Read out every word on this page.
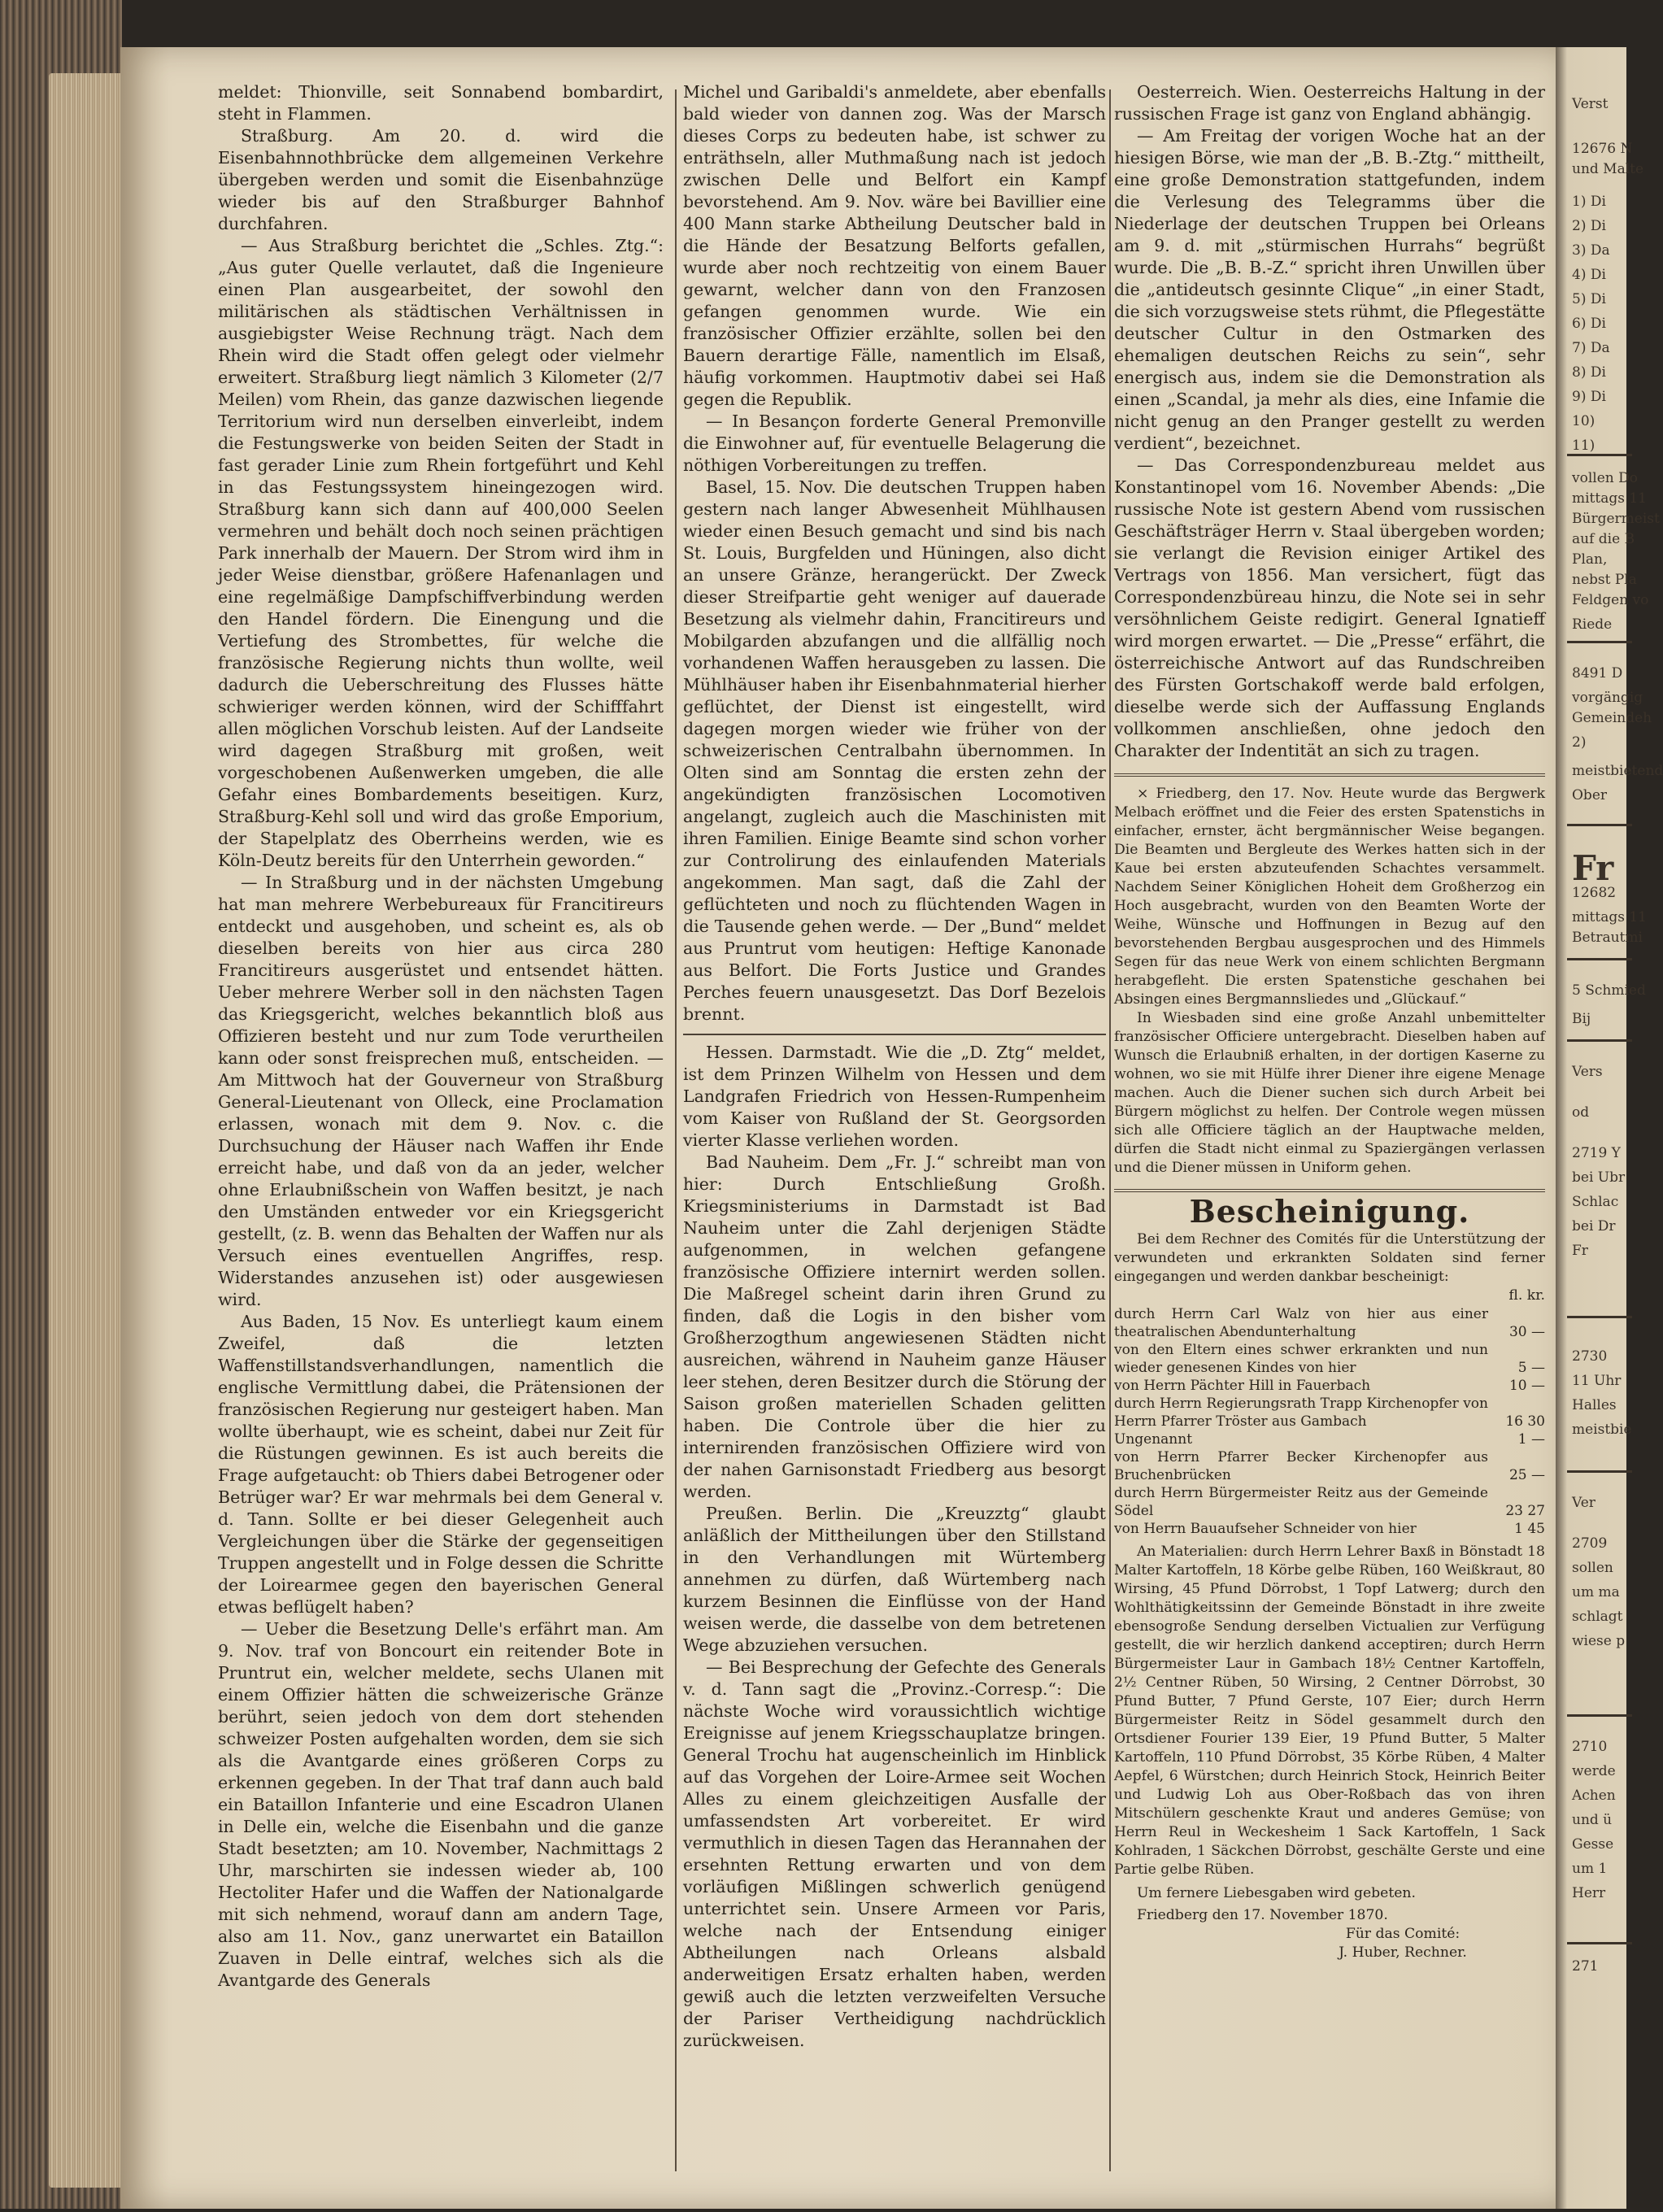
Verst
12676 N
und Malte
1) Di
2) Di
3) Da
4) Di
5) Di
6) Di
7) Da
8) Di
9) Di
10)
11)
vollen Do
mittags 11
Bürgermeist
auf die B
Plan,
nebst Pla
Feldgen vo
Riede
8491 D
vorgängig
Gemeindeh
2)
meistbietend
Ober
Fr
12682
mittags 11
Betrautmi
5 Schmied
Bij
Vers
od
2719 Y
bei Ubr
Schlac
bei Dr
Fr
2730
11 Uhr
Halles
meistbie
Ver
2709
sollen
um ma
schlagt
wiese p
2710
werde
Achen
und ü
Gesse
um 1
Herr
271

meldet: Thionville, seit Sonnabend bombardirt, steht in Flammen.

Straßburg. Am 20. d. wird die Eisenbahnnothbrücke dem allgemeinen Verkehre übergeben werden und somit die Eisenbahnzüge wieder bis auf den Straßburger Bahnhof durchfahren.

— Aus Straßburg berichtet die „Schles. Ztg.“: „Aus guter Quelle verlautet, daß die Ingenieure einen Plan ausgearbeitet, der sowohl den militärischen als städtischen Verhältnissen in ausgiebigster Weise Rechnung trägt. Nach dem Rhein wird die Stadt offen gelegt oder vielmehr erweitert. Straßburg liegt nämlich 3 Kilometer (2/7 Meilen) vom Rhein, das ganze dazwischen liegende Territorium wird nun derselben einverleibt, indem die Festungswerke von beiden Seiten der Stadt in fast gerader Linie zum Rhein fortgeführt und Kehl in das Festungssystem hineingezogen wird. Straßburg kann sich dann auf 400,000 Seelen vermehren und behält doch noch seinen prächtigen Park innerhalb der Mauern. Der Strom wird ihm in jeder Weise dienstbar, größere Hafenanlagen und eine regelmäßige Dampfschiffverbindung werden den Handel fördern. Die Einengung und die Vertiefung des Strombettes, für welche die französische Regierung nichts thun wollte, weil dadurch die Ueberschreitung des Flusses hätte schwieriger werden können, wird der Schifffahrt allen möglichen Vorschub leisten. Auf der Landseite wird dagegen Straßburg mit großen, weit vorgeschobenen Außenwerken umgeben, die alle Gefahr eines Bombardements beseitigen. Kurz, Straßburg-Kehl soll und wird das große Emporium, der Stapelplatz des Oberrheins werden, wie es Köln-Deutz bereits für den Unterrhein geworden.“

— In Straßburg und in der nächsten Umgebung hat man mehrere Werbebureaux für Francitireurs entdeckt und ausgehoben, und scheint es, als ob dieselben bereits von hier aus circa 280 Francitireurs ausgerüstet und entsendet hätten. Ueber mehrere Werber soll in den nächsten Tagen das Kriegsgericht, welches bekanntlich bloß aus Offizieren besteht und nur zum Tode verurtheilen kann oder sonst freisprechen muß, entscheiden. — Am Mittwoch hat der Gouverneur von Straßburg General-Lieutenant von Olleck, eine Proclamation erlassen, wonach mit dem 9. Nov. c. die Durchsuchung der Häuser nach Waffen ihr Ende erreicht habe, und daß von da an jeder, welcher ohne Erlaubnißschein von Waffen besitzt, je nach den Umständen entweder vor ein Kriegsgericht gestellt, (z. B. wenn das Behalten der Waffen nur als Versuch eines eventuellen Angriffes, resp. Widerstandes anzusehen ist) oder ausgewiesen wird.

Aus Baden, 15 Nov. Es unterliegt kaum einem Zweifel, daß die letzten Waffenstillstandsverhandlungen, namentlich die englische Vermittlung dabei, die Prätensionen der französischen Regierung nur gesteigert haben. Man wollte überhaupt, wie es scheint, dabei nur Zeit für die Rüstungen gewinnen. Es ist auch bereits die Frage aufgetaucht: ob Thiers dabei Betrogener oder Betrüger war? Er war mehrmals bei dem General v. d. Tann. Sollte er bei dieser Gelegenheit auch Vergleichungen über die Stärke der gegenseitigen Truppen angestellt und in Folge dessen die Schritte der Loirearmee gegen den bayerischen General etwas beflügelt haben?

— Ueber die Besetzung Delle's erfährt man. Am 9. Nov. traf von Boncourt ein reitender Bote in Pruntrut ein, welcher meldete, sechs Ulanen mit einem Offizier hätten die schweizerische Gränze berührt, seien jedoch von dem dort stehenden schweizer Posten aufgehalten worden, dem sie sich als die Avantgarde eines größeren Corps zu erkennen gegeben. In der That traf dann auch bald ein Bataillon Infanterie und eine Escadron Ulanen in Delle ein, welche die Eisenbahn und die ganze Stadt besetzten; am 10. November, Nachmittags 2 Uhr, marschirten sie indessen wieder ab, 100 Hectoliter Hafer und die Waffen der Nationalgarde mit sich nehmend, worauf dann am andern Tage, also am 11. Nov., ganz unerwartet ein Bataillon Zuaven in Delle eintraf, welches sich als die Avantgarde des Generals

Michel und Garibaldi's anmeldete, aber ebenfalls bald wieder von dannen zog. Was der Marsch dieses Corps zu bedeuten habe, ist schwer zu enträthseln, aller Muthmaßung nach ist jedoch zwischen Delle und Belfort ein Kampf bevorstehend. Am 9. Nov. wäre bei Bavillier eine 400 Mann starke Abtheilung Deutscher bald in die Hände der Besatzung Belforts gefallen, wurde aber noch rechtzeitig von einem Bauer gewarnt, welcher dann von den Franzosen gefangen genommen wurde. Wie ein französischer Offizier erzählte, sollen bei den Bauern derartige Fälle, namentlich im Elsaß, häufig vorkommen. Hauptmotiv dabei sei Haß gegen die Republik.

— In Besançon forderte General Premonville die Einwohner auf, für eventuelle Belagerung die nöthigen Vorbereitungen zu treffen.

Basel, 15. Nov. Die deutschen Truppen haben gestern nach langer Abwesenheit Mühlhausen wieder einen Besuch gemacht und sind bis nach St. Louis, Burgfelden und Hüningen, also dicht an unsere Gränze, herangerückt. Der Zweck dieser Streifpartie geht weniger auf dauerade Besetzung als vielmehr dahin, Francitireurs und Mobilgarden abzufangen und die allfällig noch vorhandenen Waffen herausgeben zu lassen. Die Mühlhäuser haben ihr Eisenbahnmaterial hierher geflüchtet, der Dienst ist eingestellt, wird dagegen morgen wieder wie früher von der schweizerischen Centralbahn übernommen. In Olten sind am Sonntag die ersten zehn der angekündigten französischen Locomotiven angelangt, zugleich auch die Maschinisten mit ihren Familien. Einige Beamte sind schon vorher zur Controlirung des einlaufenden Materials angekommen. Man sagt, daß die Zahl der geflüchteten und noch zu flüchtenden Wagen in die Tausende gehen werde. — Der „Bund“ meldet aus Pruntrut vom heutigen: Heftige Kanonade aus Belfort. Die Forts Justice und Grandes Perches feuern unausgesetzt. Das Dorf Bezelois brennt.

Hessen. Darmstadt. Wie die „D. Ztg“ meldet, ist dem Prinzen Wilhelm von Hessen und dem Landgrafen Friedrich von Hessen-Rumpenheim vom Kaiser von Rußland der St. Georgsorden vierter Klasse verliehen worden.

Bad Nauheim. Dem „Fr. J.“ schreibt man von hier: Durch Entschließung Großh. Kriegsministeriums in Darmstadt ist Bad Nauheim unter die Zahl derjenigen Städte aufgenommen, in welchen gefangene französische Offiziere internirt werden sollen. Die Maßregel scheint darin ihren Grund zu finden, daß die Logis in den bisher vom Großherzogthum angewiesenen Städten nicht ausreichen, während in Nauheim ganze Häuser leer stehen, deren Besitzer durch die Störung der Saison großen materiellen Schaden gelitten haben. Die Controle über die hier zu internirenden französischen Offiziere wird von der nahen Garnisonstadt Friedberg aus besorgt werden.

Preußen. Berlin. Die „Kreuzztg“ glaubt anläßlich der Mittheilungen über den Stillstand in den Verhandlungen mit Würtemberg annehmen zu dürfen, daß Würtemberg nach kurzem Besinnen die Einflüsse von der Hand weisen werde, die dasselbe von dem betretenen Wege abzuziehen versuchen.

— Bei Besprechung der Gefechte des Generals v. d. Tann sagt die „Provinz.-Corresp.“: Die nächste Woche wird voraussichtlich wichtige Ereignisse auf jenem Kriegsschauplatze bringen. General Trochu hat augenscheinlich im Hinblick auf das Vorgehen der Loire-Armee seit Wochen Alles zu einem gleichzeitigen Ausfalle der umfassendsten Art vorbereitet. Er wird vermuthlich in diesen Tagen das Herannahen der ersehnten Rettung erwarten und von dem vorläufigen Mißlingen schwerlich genügend unterrichtet sein. Unsere Armeen vor Paris, welche nach der Entsendung einiger Abtheilungen nach Orleans alsbald anderweitigen Ersatz erhalten haben, werden gewiß auch die letzten verzweifelten Versuche der Pariser Vertheidigung nachdrücklich zurückweisen.

Oesterreich. Wien. Oesterreichs Haltung in der russischen Frage ist ganz von England abhängig.

— Am Freitag der vorigen Woche hat an der hiesigen Börse, wie man der „B. B.-Ztg.“ mittheilt, eine große Demonstration stattgefunden, indem die Verlesung des Telegramms über die Niederlage der deutschen Truppen bei Orleans am 9. d. mit „stürmischen Hurrahs“ begrüßt wurde. Die „B. B.-Z.“ spricht ihren Unwillen über die „antideutsch gesinnte Clique“ „in einer Stadt, die sich vorzugsweise stets rühmt, die Pflegestätte deutscher Cultur in den Ostmarken des ehemaligen deutschen Reichs zu sein“, sehr energisch aus, indem sie die Demonstration als einen „Scandal, ja mehr als dies, eine Infamie die nicht genug an den Pranger gestellt zu werden verdient“, bezeichnet.

— Das Correspondenzbureau meldet aus Konstantinopel vom 16. November Abends: „Die russische Note ist gestern Abend vom russischen Geschäftsträger Herrn v. Staal übergeben worden; sie verlangt die Revision einiger Artikel des Vertrags von 1856. Man versichert, fügt das Correspondenzbüreau hinzu, die Note sei in sehr versöhnlichem Geiste redigirt. General Ignatieff wird morgen erwartet. — Die „Presse“ erfährt, die österreichische Antwort auf das Rundschreiben des Fürsten Gortschakoff werde bald erfolgen, dieselbe werde sich der Auffassung Englands vollkommen anschließen, ohne jedoch den Charakter der Indentität an sich zu tragen.

× Friedberg, den 17. Nov. Heute wurde das Bergwerk Melbach eröffnet und die Feier des ersten Spatenstichs in einfacher, ernster, ächt bergmännischer Weise begangen. Die Beamten und Bergleute des Werkes hatten sich in der Kaue bei ersten abzuteufenden Schachtes versammelt. Nachdem Seiner Königlichen Hoheit dem Großherzog ein Hoch ausgebracht, wurden von den Beamten Worte der Weihe, Wünsche und Hoffnungen in Bezug auf den bevorstehenden Bergbau ausgesprochen und des Himmels Segen für das neue Werk von einem schlichten Bergmann herabgefleht. Die ersten Spatenstiche geschahen bei Absingen eines Bergmannsliedes und „Glückauf.“

In Wiesbaden sind eine große Anzahl unbemittelter französischer Officiere untergebracht. Dieselben haben auf Wunsch die Erlaubniß erhalten, in der dortigen Kaserne zu wohnen, wo sie mit Hülfe ihrer Diener ihre eigene Menage machen. Auch die Diener suchen sich durch Arbeit bei Bürgern möglichst zu helfen. Der Controle wegen müssen sich alle Officiere täglich an der Hauptwache melden, dürfen die Stadt nicht einmal zu Spaziergängen verlassen und die Diener müssen in Uniform gehen.

Bescheinigung.

Bei dem Rechner des Comités für die Unterstützung der verwundeten und erkrankten Soldaten sind ferner eingegangen und werden dankbar bescheinigt:

fl. kr.
durch Herrn Carl Walz von hier aus einer theatralischen Abendunterhaltung	30 —
von den Eltern eines schwer erkrankten und nun wieder genesenen Kindes von hier	5 —
von Herrn Pächter Hill in Fauerbach	10 —
durch Herrn Regierungsrath Trapp Kirchenopfer von Herrn Pfarrer Tröster aus Gambach	16 30
Ungenannt	1 —
von Herrn Pfarrer Becker Kirchenopfer aus Bruchenbrücken	25 —
durch Herrn Bürgermeister Reitz aus der Gemeinde Södel	23 27
von Herrn Bauaufseher Schneider von hier	1 45

An Materialien: durch Herrn Lehrer Baxß in Bönstadt 18 Malter Kartoffeln, 18 Körbe gelbe Rüben, 160 Weißkraut, 80 Wirsing, 45 Pfund Dörrobst, 1 Topf Latwerg; durch den Wohlthätigkeitssinn der Gemeinde Bönstadt in ihre zweite ebensogroße Sendung derselben Victualien zur Verfügung gestellt, die wir herzlich dankend acceptiren; durch Herrn Bürgermeister Laur in Gambach 18½ Centner Kartoffeln, 2½ Centner Rüben, 50 Wirsing, 2 Centner Dörrobst, 30 Pfund Butter, 7 Pfund Gerste, 107 Eier; durch Herrn Bürgermeister Reitz in Södel gesammelt durch den Ortsdiener Fourier 139 Eier, 19 Pfund Butter, 5 Malter Kartoffeln, 110 Pfund Dörrobst, 35 Körbe Rüben, 4 Malter Aepfel, 6 Würstchen; durch Heinrich Stock, Heinrich Beiter und Ludwig Loh aus Ober-Roßbach das von ihren Mitschülern geschenkte Kraut und anderes Gemüse; von Herrn Reul in Weckesheim 1 Sack Kartoffeln, 1 Sack Kohlraden, 1 Säckchen Dörrobst, geschälte Gerste und eine Partie gelbe Rüben.

Um fernere Liebesgaben wird gebeten.

Friedberg den 17. November 1870.

Für das Comité:
J. Huber, Rechner.
